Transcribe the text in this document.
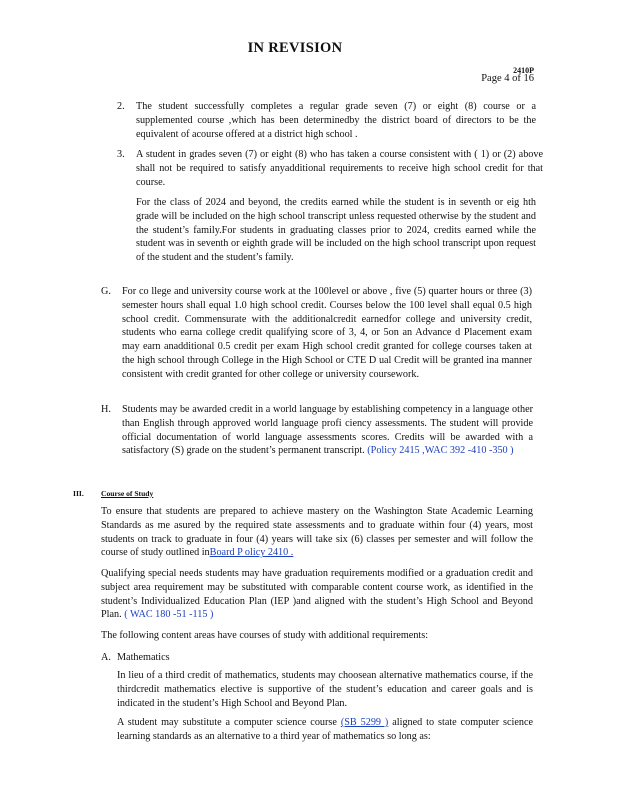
IN REVISION
2410P
Page 4 of 16
2. The student successfully completes a regular grade seven (7) or eight (8) course or a supplemented course ,which has been determinedby the district board of directors to be the equivalent of acourse offered at a district high school .

3. A student in grades seven (7) or eight (8) who has taken a course consistent with ( 1) or (2) above shall not be required to satisfy anyadditional requirements to receive high school credit for that course.

For the class of 2024 and beyond, the credits earned while the student is in seventh or eig hth grade will be included on the high school transcript unless requested otherwise by the student and the student’s family.For students in graduating classes prior to 2024, credits earned while the student was in seventh or eighth grade will be included on the high school transcript upon request of the student and the student’s family.

G. For co llege and university course work at the 100level or above , five (5) quarter hours or three (3) semester hours shall equal 1.0 high school credit. Courses below the 100 level shall equal 0.5 high school credit. Commensurate with the additionalcredit earnedfor college and university credit, students who earna college credit qualifying score of 3, 4, or 5on an Advance d Placement exam may earn anadditional 0.5 credit per exam High school credit granted for college courses taken at the high school through College in the High School or CTE D ual Credit will be granted ina manner consistent with credit granted for other college or university coursework.

H. Students may be awarded credit in a world language by establishing competency in a language other than English through approved world language profi ciency assessments. The student will provide official documentation of world language assessments scores. Credits will be awarded with a satisfactory (S) grade on the student’s permanent transcript. (Policy 2415 ,WAC 392 -410 -350 )

III. Course of Study

To ensure that students are prepared to achieve mastery on the Washington State Academic Learning Standards as me asured by the required state assessments and to graduate within four (4) years, most students on track to graduate in four (4) years will take six (6) classes per semester and will follow the course of study outlined inBoard P olicy 2410 .

Qualifying special needs students may have graduation requirements modified or a graduation credit and subject area requirement may be substituted with comparable content course work, as identified in the student’s Individualized Education Plan (IEP )and aligned with the student’s High School and Beyond Plan. ( WAC 180 -51 -115 )

The following content areas have courses of study with additional requirements:

A. Mathematics

In lieu of a third credit of mathematics, students may choosean alternative mathematics course, if the thirdcredit mathematics elective is supportive of the student’s education and career goals and is indicated in the student’s High School and Beyond Plan.

A student may substitute a computer science course (SB 5299 ) aligned to state computer science learning standards as an alternative to a third year of mathematics so long as:
